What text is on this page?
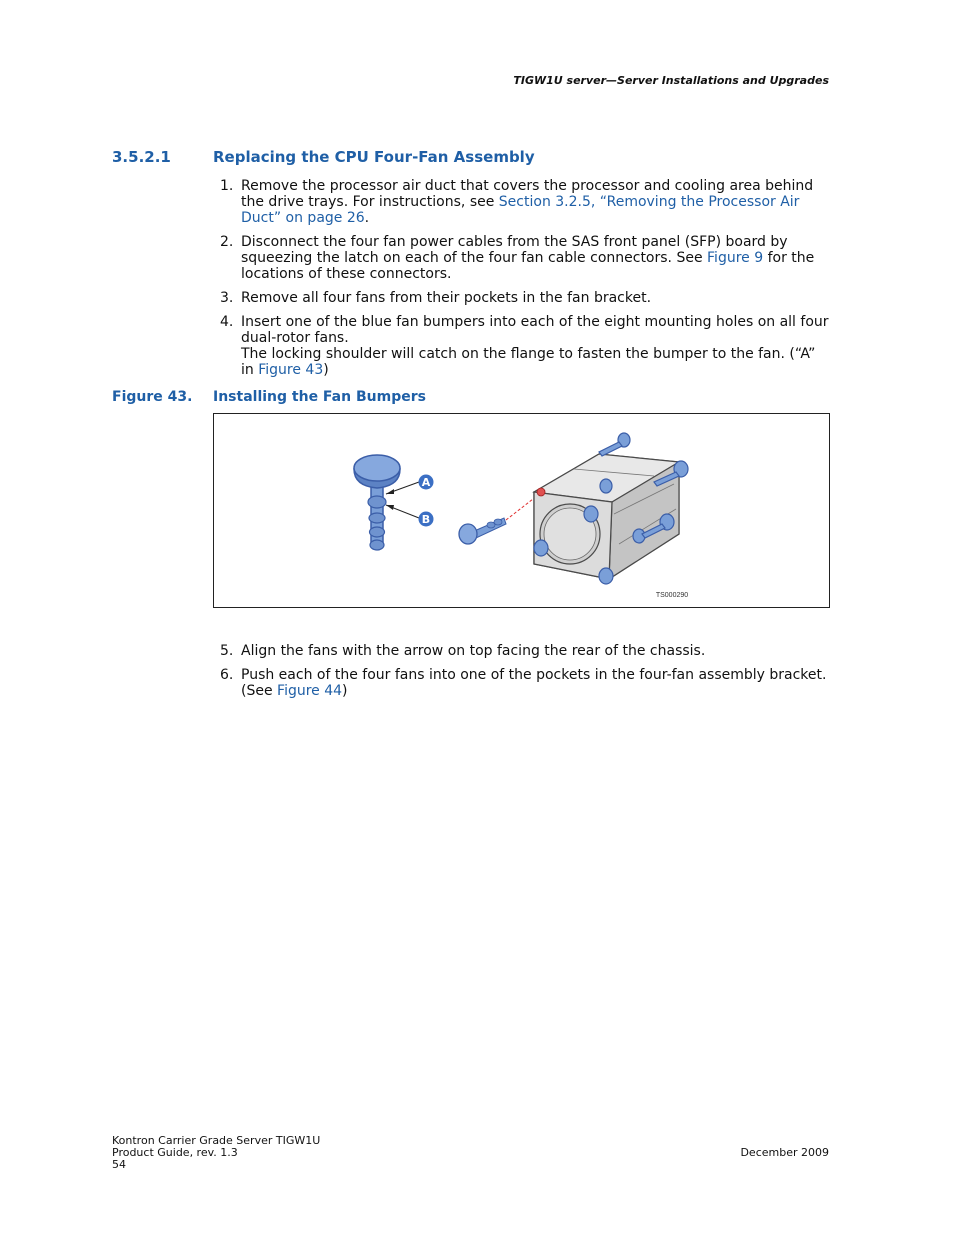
TIGW1U server—Server Installations and Upgrades
3.5.2.1	Replacing the CPU Four-Fan Assembly
1. Remove the processor air duct that covers the processor and cooling area behind the drive trays. For instructions, see Section 3.2.5, “Removing the Processor Air Duct” on page 26.
2. Disconnect the four fan power cables from the SAS front panel (SFP) board by squeezing the latch on each of the four fan cable connectors. See Figure 9 for the locations of these connectors.
3. Remove all four fans from their pockets in the fan bracket.
4. Insert one of the blue fan bumpers into each of the eight mounting holes on all four dual-rotor fans.
The locking shoulder will catch on the flange to fasten the bumper to the fan. (“A” in Figure 43)
Figure 43. Installing the Fan Bumpers
A
B
TS000290
5. Align the fans with the arrow on top facing the rear of the chassis.
6. Push each of the four fans into one of the pockets in the four-fan assembly bracket. (See Figure 44)
Kontron Carrier Grade Server TIGW1U
Product Guide, rev. 1.3
54
December 2009
